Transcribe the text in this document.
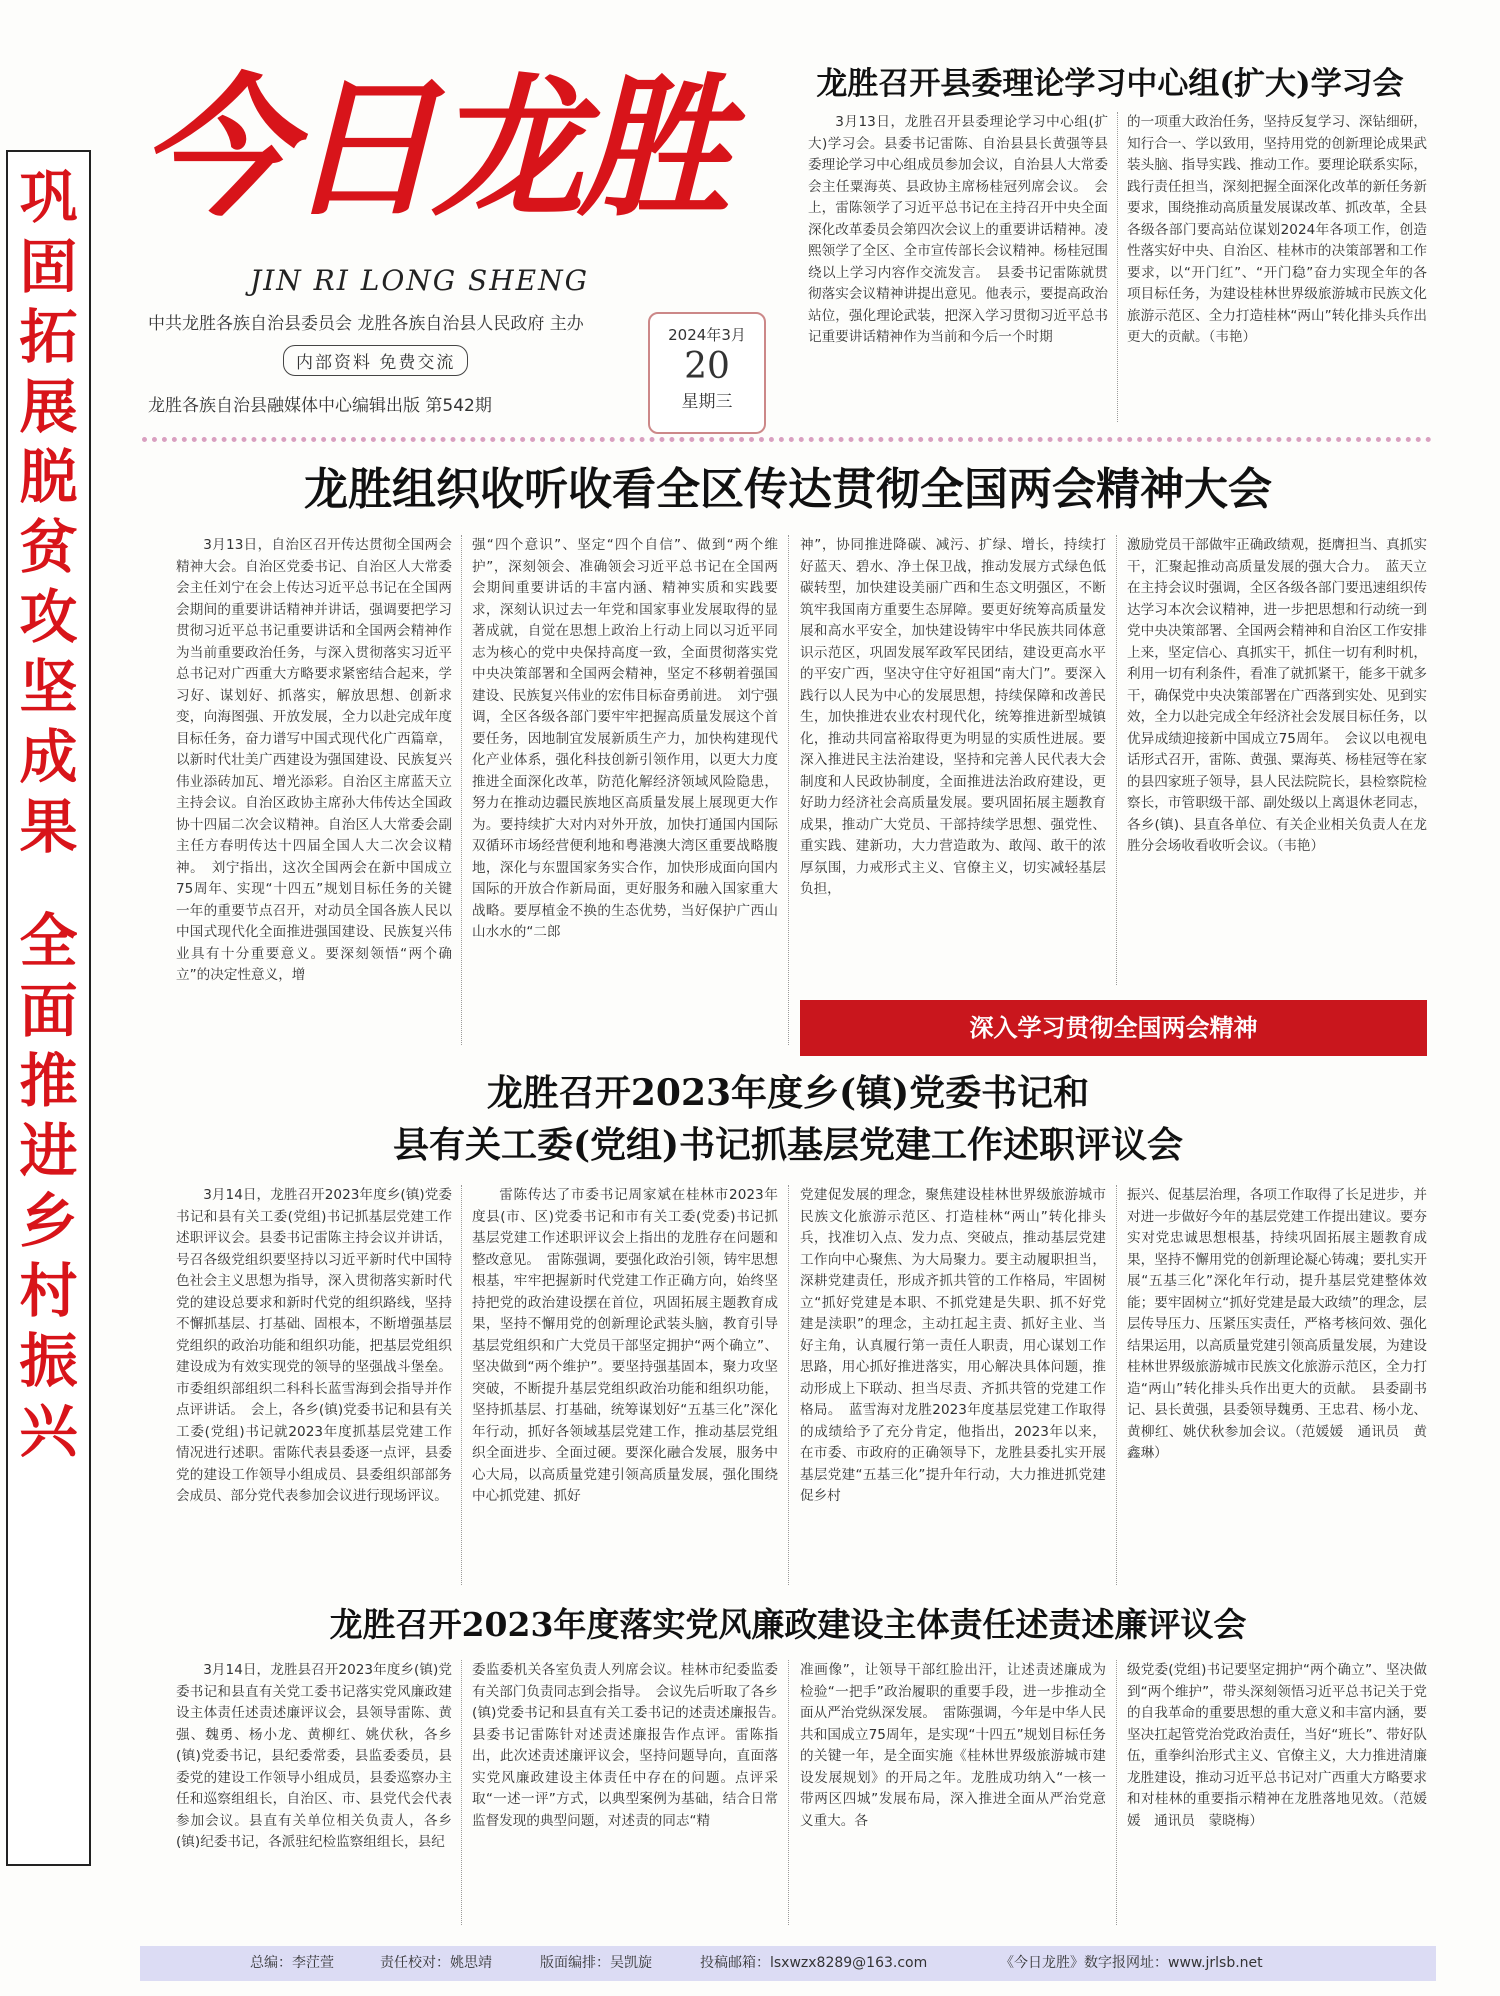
巩
固
拓
展
脱
贫
攻
坚
成
果
全
面
推
进
乡
村
振
兴
今日龙胜
JIN RI LONG SHENG
中共龙胜各族自治县委员会 龙胜各族自治县人民政府 主办
内部资料 免费交流
龙胜各族自治县融媒体中心编辑出版 第542期
2024年3月
20
星期三
龙胜召开县委理论学习中心组(扩大)学习会
3月13日，龙胜召开县委理论学习中心组(扩大)学习会。县委书记雷陈、自治县县长黄强等县委理论学习中心组成员参加会议，自治县人大常委会主任粟海英、县政协主席杨桂冠列席会议。　会上，雷陈领学了习近平总书记在主持召开中央全面深化改革委员会第四次会议上的重要讲话精神。凌熙领学了全区、全市宣传部长会议精神。杨桂冠围绕以上学习内容作交流发言。　县委书记雷陈就贯彻落实会议精神讲提出意见。他表示，要提高政治站位，强化理论武装，把深入学习贯彻习近平总书记重要讲话精神作为当前和今后一个时期
的一项重大政治任务，坚持反复学习、深钻细研，知行合一、学以致用，坚持用党的创新理论成果武装头脑、指导实践、推动工作。要理论联系实际，践行责任担当，深刻把握全面深化改革的新任务新要求，围绕推动高质量发展谋改革、抓改革，全县各级各部门要高站位谋划2024年各项工作，创造性落实好中央、自治区、桂林市的决策部署和工作要求，以“开门红”、“开门稳”奋力实现全年的各项目标任务，为建设桂林世界级旅游城市民族文化旅游示范区、全力打造桂林“两山”转化排头兵作出更大的贡献。（韦艳）
龙胜组织收听收看全区传达贯彻全国两会精神大会
3月13日，自治区召开传达贯彻全国两会精神大会。自治区党委书记、自治区人大常委会主任刘宁在会上传达习近平总书记在全国两会期间的重要讲话精神并讲话，强调要把学习贯彻习近平总书记重要讲话和全国两会精神作为当前重要政治任务，与深入贯彻落实习近平总书记对广西重大方略要求紧密结合起来，学习好、谋划好、抓落实，解放思想、创新求变，向海图强、开放发展，全力以赴完成年度目标任务，奋力谱写中国式现代化广西篇章，以新时代壮美广西建设为强国建设、民族复兴伟业添砖加瓦、增光添彩。自治区主席蓝天立主持会议。自治区政协主席孙大伟传达全国政协十四届二次会议精神。自治区人大常委会副主任方春明传达十四届全国人大二次会议精神。　刘宁指出，这次全国两会在新中国成立75周年、实现“十四五”规划目标任务的关键一年的重要节点召开，对动员全国各族人民以中国式现代化全面推进强国建设、民族复兴伟业具有十分重要意义。要深刻领悟“两个确立”的决定性意义，增
强“四个意识”、坚定“四个自信”、做到“两个维护”，深刻领会、准确领会习近平总书记在全国两会期间重要讲话的丰富内涵、精神实质和实践要求，深刻认识过去一年党和国家事业发展取得的显著成就，自觉在思想上政治上行动上同以习近平同志为核心的党中央保持高度一致，全面贯彻落实党中央决策部署和全国两会精神，坚定不移朝着强国建设、民族复兴伟业的宏伟目标奋勇前进。　刘宁强调，全区各级各部门要牢牢把握高质量发展这个首要任务，因地制宜发展新质生产力，加快构建现代化产业体系，强化科技创新引领作用，以更大力度推进全面深化改革，防范化解经济领域风险隐患，努力在推动边疆民族地区高质量发展上展现更大作为。要持续扩大对内对外开放，加快打通国内国际双循环市场经营便利地和粤港澳大湾区重要战略腹地，深化与东盟国家务实合作，加快形成面向国内国际的开放合作新局面，更好服务和融入国家重大战略。要厚植金不换的生态优势，当好保护广西山山水水的“二郎
神”，协同推进降碳、减污、扩绿、增长，持续打好蓝天、碧水、净土保卫战，推动发展方式绿色低碳转型，加快建设美丽广西和生态文明强区，不断筑牢我国南方重要生态屏障。要更好统筹高质量发展和高水平安全，加快建设铸牢中华民族共同体意识示范区，巩固发展军政军民团结，建设更高水平的平安广西，坚决守住守好祖国“南大门”。要深入践行以人民为中心的发展思想，持续保障和改善民生，加快推进农业农村现代化，统筹推进新型城镇化，推动共同富裕取得更为明显的实质性进展。要深入推进民主法治建设，坚持和完善人民代表大会制度和人民政协制度，全面推进法治政府建设，更好助力经济社会高质量发展。要巩固拓展主题教育成果，推动广大党员、干部持续学思想、强党性、重实践、建新功，大力营造敢为、敢闯、敢干的浓厚氛围，力戒形式主义、官僚主义，切实减轻基层负担，
激励党员干部做牢正确政绩观，挺膺担当、真抓实干，汇聚起推动高质量发展的强大合力。　蓝天立在主持会议时强调，全区各级各部门要迅速组织传达学习本次会议精神，进一步把思想和行动统一到党中央决策部署、全国两会精神和自治区工作安排上来，坚定信心、真抓实干，抓住一切有利时机，利用一切有利条件，看准了就抓紧干，能多干就多干，确保党中央决策部署在广西落到实处、见到实效，全力以赴完成全年经济社会发展目标任务，以优异成绩迎接新中国成立75周年。　会议以电视电话形式召开，雷陈、黄强、粟海英、杨桂冠等在家的县四家班子领导，县人民法院院长，县检察院检察长，市管职级干部、副处级以上离退休老同志，各乡(镇)、县直各单位、有关企业相关负责人在龙胜分会场收看收听会议。（韦艳）
深入学习贯彻全国两会精神
龙胜召开2023年度乡(镇)党委书记和
县有关工委(党组)书记抓基层党建工作述职评议会
3月14日，龙胜召开2023年度乡(镇)党委书记和县有关工委(党组)书记抓基层党建工作述职评议会。县委书记雷陈主持会议并讲话，号召各级党组织要坚持以习近平新时代中国特色社会主义思想为指导，深入贯彻落实新时代党的建设总要求和新时代党的组织路线，坚持不懈抓基层、打基础、固根本，不断增强基层党组织的政治功能和组织功能，把基层党组织建设成为有效实现党的领导的坚强战斗堡垒。市委组织部组织二科科长蓝雪海到会指导并作点评讲话。　会上，各乡(镇)党委书记和县有关工委(党组)书记就2023年度抓基层党建工作情况进行述职。雷陈代表县委逐一点评，县委党的建设工作领导小组成员、县委组织部部务会成员、部分党代表参加会议进行现场评议。
雷陈传达了市委书记周家斌在桂林市2023年度县(市、区)党委书记和市有关工委(党委)书记抓基层党建工作述职评议会上指出的龙胜存在问题和整改意见。　雷陈强调，要强化政治引领，铸牢思想根基，牢牢把握新时代党建工作正确方向，始终坚持把党的政治建设摆在首位，巩固拓展主题教育成果，坚持不懈用党的创新理论武装头脑，教育引导基层党组织和广大党员干部坚定拥护“两个确立”、坚决做到“两个维护”。要坚持强基固本，聚力攻坚突破，不断提升基层党组织政治功能和组织功能，坚持抓基层、打基础，统筹谋划好“五基三化”深化年行动，抓好各领域基层党建工作，推动基层党组织全面进步、全面过硬。要深化融合发展，服务中心大局，以高质量党建引领高质量发展，强化围绕中心抓党建、抓好
党建促发展的理念，聚焦建设桂林世界级旅游城市民族文化旅游示范区、打造桂林“两山”转化排头兵，找准切入点、发力点、突破点，推动基层党建工作向中心聚焦、为大局聚力。要主动履职担当，深耕党建责任，形成齐抓共管的工作格局，牢固树立“抓好党建是本职、不抓党建是失职、抓不好党建是渎职”的理念，主动扛起主责、抓好主业、当好主角，认真履行第一责任人职责，用心谋划工作思路，用心抓好推进落实，用心解决具体问题，推动形成上下联动、担当尽责、齐抓共管的党建工作格局。　蓝雪海对龙胜2023年度基层党建工作取得的成绩给予了充分肯定，他指出，2023年以来，在市委、市政府的正确领导下，龙胜县委扎实开展基层党建“五基三化”提升年行动，大力推进抓党建促乡村
振兴、促基层治理，各项工作取得了长足进步，并对进一步做好今年的基层党建工作提出建议。要夯实对党忠诚思想根基，持续巩固拓展主题教育成果，坚持不懈用党的创新理论凝心铸魂；要扎实开展“五基三化”深化年行动，提升基层党建整体效能；要牢固树立“抓好党建是最大政绩”的理念，层层传导压力、压紧压实责任，严格考核问效、强化结果运用，以高质量党建引领高质量发展，为建设桂林世界级旅游城市民族文化旅游示范区，全力打造“两山”转化排头兵作出更大的贡献。　县委副书记、县长黄强，县委领导魏勇、王忠君、杨小龙、黄柳红、姚伏秋参加会议。（范媛媛　通讯员　黄鑫琳）
龙胜召开2023年度落实党风廉政建设主体责任述责述廉评议会
3月14日，龙胜县召开2023年度乡(镇)党委书记和县直有关党工委书记落实党风廉政建设主体责任述责述廉评议会，县领导雷陈、黄强、魏勇、杨小龙、黄柳红、姚伏秋，各乡(镇)党委书记，县纪委常委，县监委委员，县委党的建设工作领导小组成员，县委巡察办主任和巡察组组长，自治区、市、县党代会代表参加会议。县直有关单位相关负责人，各乡(镇)纪委书记，各派驻纪检监察组组长，县纪
委监委机关各室负责人列席会议。桂林市纪委监委有关部门负责同志到会指导。　会议先后听取了各乡(镇)党委书记和县直有关工委书记的述责述廉报告。　县委书记雷陈针对述责述廉报告作点评。雷陈指出，此次述责述廉评议会，坚持问题导向，直面落实党风廉政建设主体责任中存在的问题。点评采取“一述一评”方式，以典型案例为基础，结合日常监督发现的典型问题，对述责的同志“精
准画像”，让领导干部红脸出汗，让述责述廉成为检验“一把手”政治履职的重要手段，进一步推动全面从严治党纵深发展。　雷陈强调，今年是中华人民共和国成立75周年，是实现“十四五”规划目标任务的关键一年，是全面实施《桂林世界级旅游城市建设发展规划》的开局之年。龙胜成功纳入“一核一带两区四城”发展布局，深入推进全面从严治党意义重大。各
级党委(党组)书记要坚定拥护“两个确立”、坚决做到“两个维护”，带头深刻领悟习近平总书记关于党的自我革命的重要思想的重大意义和丰富内涵，要坚决扛起管党治党政治责任，当好“班长”、带好队伍，重拳纠治形式主义、官僚主义，大力推进清廉龙胜建设，推动习近平总书记对广西重大方略要求和对桂林的重要指示精神在龙胜落地见效。（范媛媛　通讯员　蒙晓梅）
总编：李茳萱	责任校对：姚思靖	版面编排：吴凯旋	投稿邮箱：lsxwzx8289@163.com	《今日龙胜》数字报网址：www.jrlsb.net
